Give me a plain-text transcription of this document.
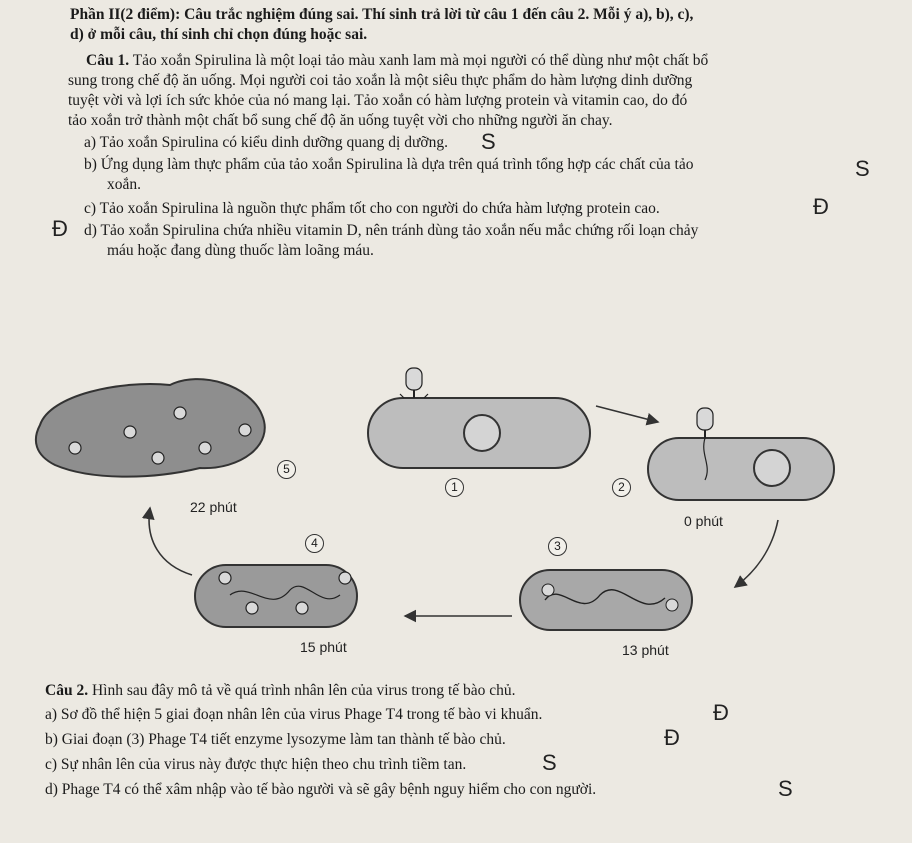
Phần II(2 điểm): Câu trắc nghiệm đúng sai. Thí sinh trả lời từ câu 1 đến câu 2. Mỗi ý a), b), c),
d) ở mỗi câu, thí sinh chỉ chọn đúng hoặc sai.
Câu 1. Tảo xoắn Spirulina là một loại tảo màu xanh lam mà mọi người có thể dùng như một chất bổ
sung trong chế độ ăn uống. Mọi người coi tảo xoắn là một siêu thực phẩm do hàm lượng dinh dưỡng
tuyệt vời và lợi ích sức khỏe của nó mang lại. Tảo xoắn có hàm lượng protein và vitamin cao, do đó
tảo xoắn trở thành một chất bổ sung chế độ ăn uống tuyệt vời cho những người ăn chay.
a) Tảo xoắn Spirulina có kiểu dinh dưỡng quang dị dưỡng. S
b) Ứng dụng làm thực phẩm của tảo xoắn Spirulina là dựa trên quá trình tổng hợp các chất của tảo
xoắn.
S
c) Tảo xoắn Spirulina là nguồn thực phẩm tốt cho con người do chứa hàm lượng protein cao.	Đ
Đ d) Tảo xoắn Spirulina chứa nhiều vitamin D, nên tránh dùng tảo xoắn nếu mắc chứng rối loạn chảy
máu hoặc đang dùng thuốc làm loãng máu.
5
1	2
3
4
22 phút
0 phút
15 phút	13 phút
Câu 2. Hình sau đây mô tả về quá trình nhân lên của virus trong tế bào chủ.
a) Sơ đồ thể hiện 5 giai đoạn nhân lên của virus Phage T4 trong tế bào vi khuẩn.	Đ
b) Giai đoạn (3) Phage T4 tiết enzyme lysozyme làm tan thành tế bào chủ.	Đ
c) Sự nhân lên của virus này được thực hiện theo chu trình tiềm tan.	S
d) Phage T4 có thể xâm nhập vào tế bào người và sẽ gây bệnh nguy hiểm cho con người.	S
